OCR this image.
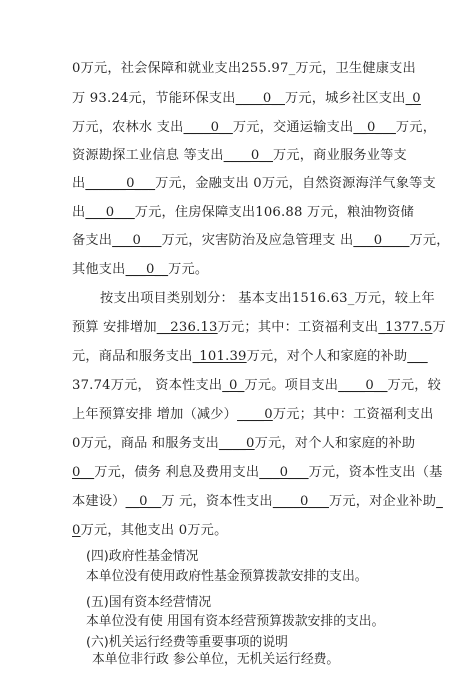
0万元，社会保障和就业支出255.97_万元，卫生健康支出
万 93.24元，节能环保支出____0__万元，城乡社区支出_0
万元，农林水 支出____0__万元，交通运输支出__0___万元，
资源勘探工业信息 等支出____0__万元，商业服务业等支
出______0___万元，金融支出 0万元，自然资源海洋气象等支
出___0___万元，住房保障支出106.88 万元，粮油物资储
备支出___0___万元，灾害防治及应急管理支 出___0____万元，
其他支出___0__万元。
按支出项目类别划分： 基本支出1516.63_万元，较上年
预算 安排增加__236.13万元；其中：工资福利支出_1377.5万
元，商品和服务支出_101.39万元，对个人和家庭的补助___
37.74万元， 资本性支出_0_万元。项目支出____0__万元，较
上年预算安排 增加（减少）____0万元；其中：工资福利支出
0万元，商品 和服务支出____0万元，对个人和家庭的补助
0__万元，债务 利息及费用支出___0___万元，资本性支出（基
本建设）__0__万 元，资本性支出____0___万元，对企业补助_
0万元，其他支出 0万元。
(四)政府性基金情况
本单位没有使用政府性基金预算拨款安排的支出。
(五)国有资本经营情况
本单位没有使 用国有资本经营预算拨款安排的支出。
(六)机关运行经费等重要事项的说明
本单位非行政 参公单位，无机关运行经费。
